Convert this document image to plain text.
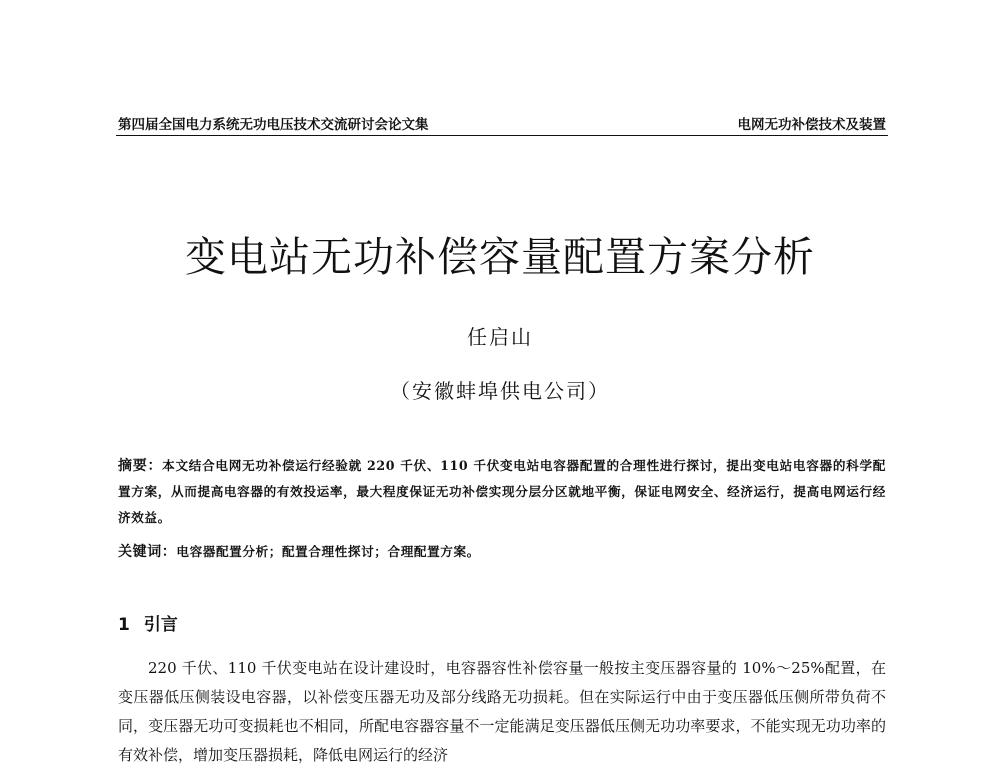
第四届全国电力系统无功电压技术交流研讨会论文集	电网无功补偿技术及装置
变电站无功补偿容量配置方案分析
任启山
（安徽蚌埠供电公司）
摘要：本文结合电网无功补偿运行经验就 220 千伏、110 千伏变电站电容器配置的合理性进行探讨，提出变电站电容器的科学配置方案，从而提高电容器的有效投运率，最大程度保证无功补偿实现分层分区就地平衡，保证电网安全、经济运行，提高电网运行经济效益。
关键词：电容器配置分析；配置合理性探讨；合理配置方案。
1 引言
220 千伏、110 千伏变电站在设计建设时，电容器容性补偿容量一般按主变压器容量的 10%～25%配置，在变压器低压侧装设电容器，以补偿变压器无功及部分线路无功损耗。但在实际运行中由于变压器低压侧所带负荷不同，变压器无功可变损耗也不相同，所配电容器容量不一定能满足变压器低压侧无功功率要求，不能实现无功功率的有效补偿，增加变压器损耗，降低电网运行的经济
